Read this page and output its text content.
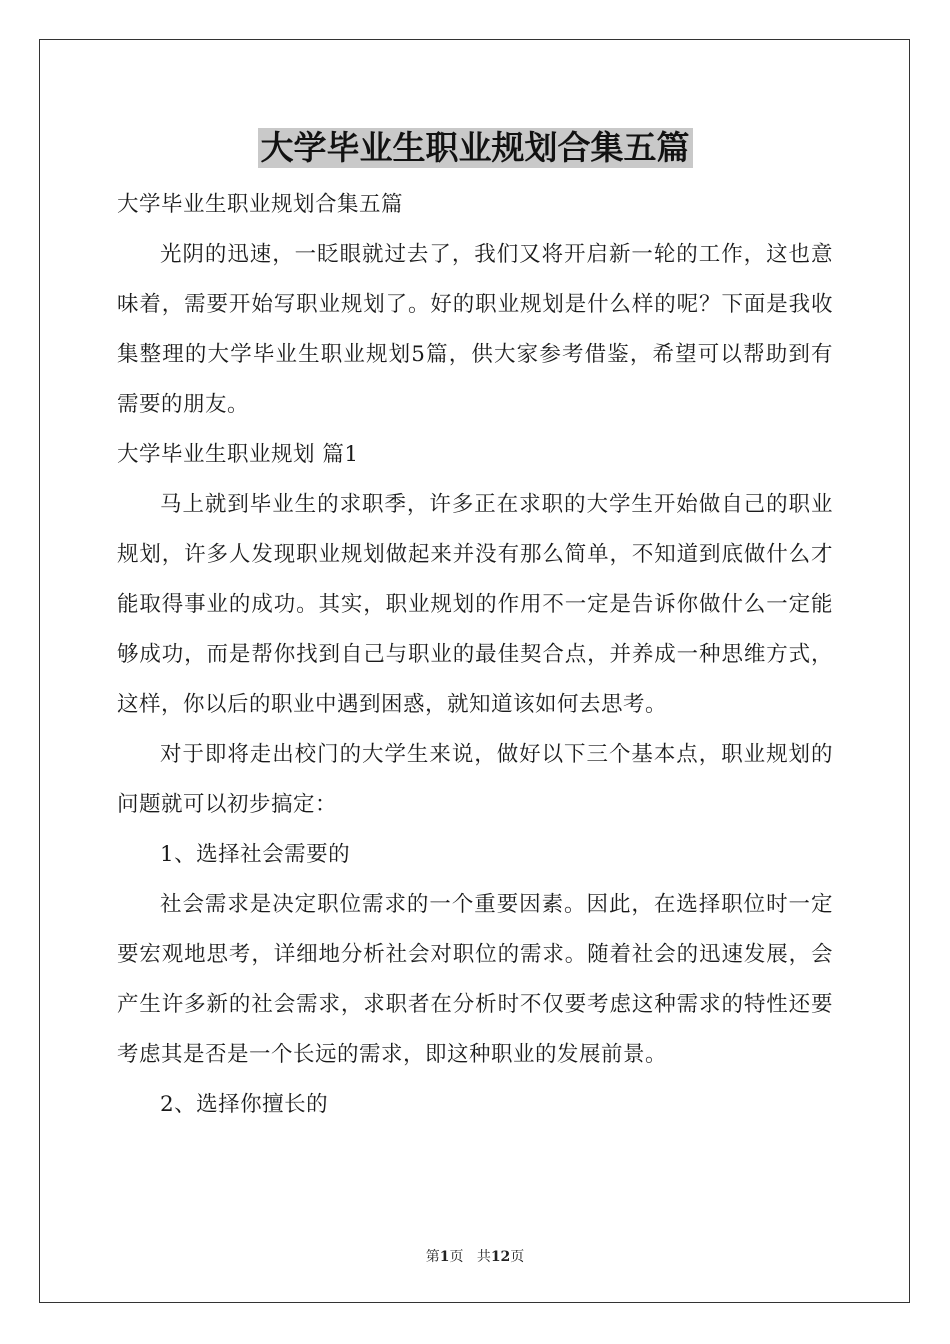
大学毕业生职业规划合集五篇

大学毕业生职业规划合集五篇

光阴的迅速，一眨眼就过去了，我们又将开启新一轮的工作，这也意味着，需要开始写职业规划了。好的职业规划是什么样的呢？下面是我收集整理的大学毕业生职业规划5篇，供大家参考借鉴，希望可以帮助到有需要的朋友。

大学毕业生职业规划 篇1

马上就到毕业生的求职季，许多正在求职的大学生开始做自己的职业规划，许多人发现职业规划做起来并没有那么简单，不知道到底做什么才能取得事业的成功。其实，职业规划的作用不一定是告诉你做什么一定能够成功，而是帮你找到自己与职业的最佳契合点，并养成一种思维方式，这样，你以后的职业中遇到困惑，就知道该如何去思考。

对于即将走出校门的大学生来说，做好以下三个基本点，职业规划的问题就可以初步搞定：

1、选择社会需要的

社会需求是决定职位需求的一个重要因素。因此，在选择职位时一定要宏观地思考，详细地分析社会对职位的需求。随着社会的迅速发展，会产生许多新的社会需求，求职者在分析时不仅要考虑这种需求的特性还要考虑其是否是一个长远的需求，即这种职业的发展前景。

2、选择你擅长的

第1页 共12页
